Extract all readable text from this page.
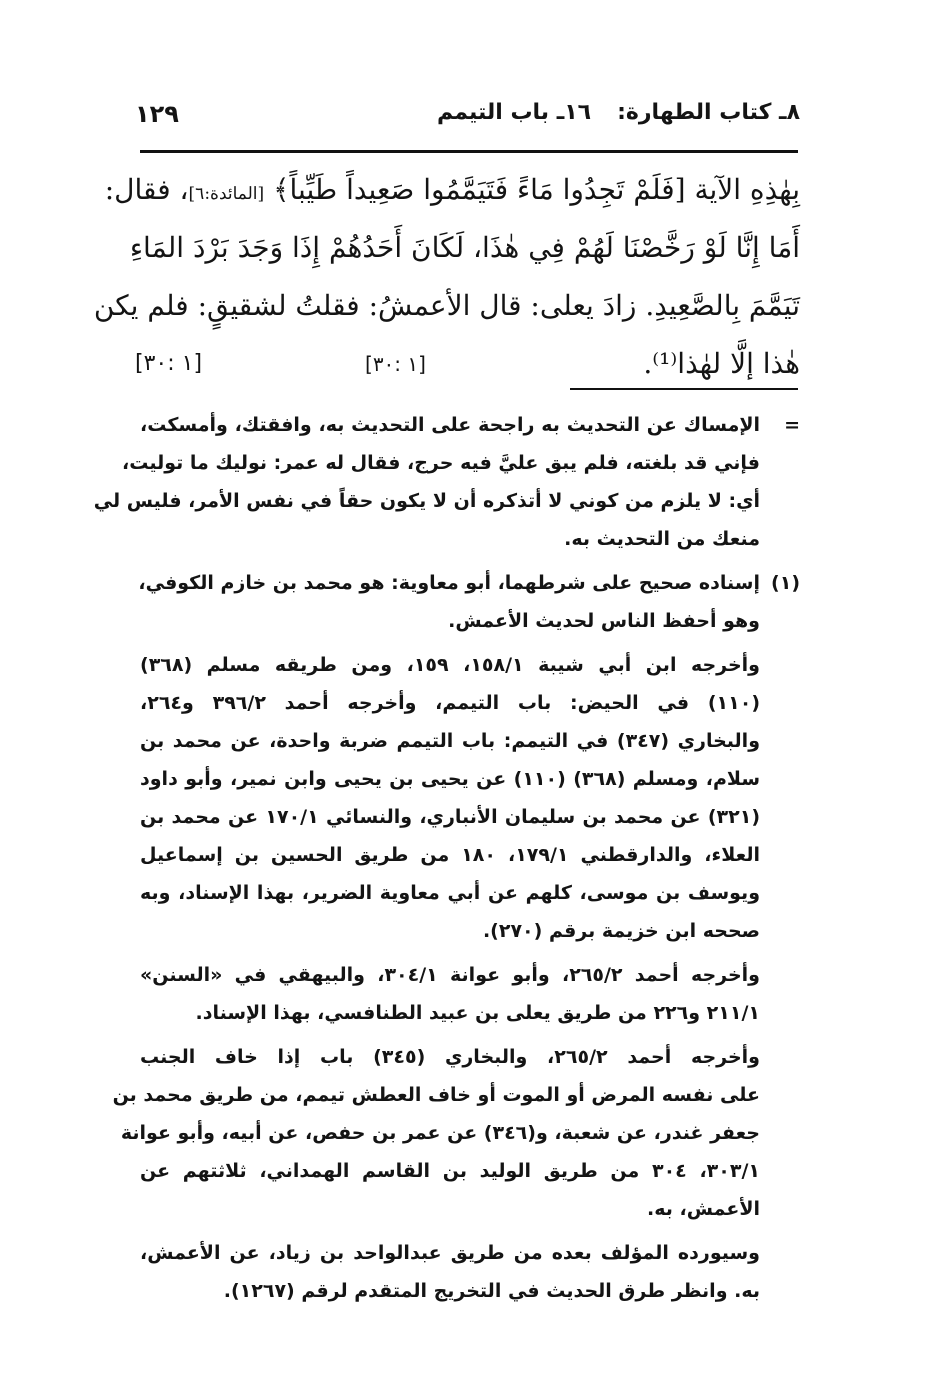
٨ـ كتاب الطهارة:١٦ـ باب التيمم
١٢٩
بِهٰذِهِ الآية [فَلَمْ تَجِدُوا مَاءً فَتَيَمَّمُوا صَعِيداً طَيِّباً﴾ [المائدة:٦]، فقال:
أَمَا إِنَّا لَوْ رَخَّصْنَا لَهُمْ فِي هٰذَا، لَكَانَ أَحَدُهُمْ إِذَا وَجَدَ بَرْدَ المَاءِ
تَيَمَّمَ بِالصَّعِيدِ. زادَ يعلى: قال الأعمشُ: فقلتُ لشقيقٍ: فلم يكن
هٰذا إلَّا لهٰذا⁽¹⁾.
[١ :٣٠]
[١ :٣٠]
=
الإمساك عن التحديث به راجحة على التحديث به، وافقتك، وأمسكت،
فإني قد بلغته، فلم يبق عليَّ فيه حرج، فقال له عمر: نوليك ما توليت،
أي: لا يلزم من كوني لا أتذكره أن لا يكون حقاً في نفس الأمر، فليس لي
منعك من التحديث به.
(١)
إسناده صحيح على شرطهما، أبو معاوية: هو محمد بن خازم الكوفي،
وهو أحفظ الناس لحديث الأعمش.
وأخرجه ابن أبي شيبة ١٥٨/١، ١٥٩، ومن طريقه مسلم (٣٦٨)
(١١٠) في الحيض: باب التيمم، وأخرجه أحمد ٣٩٦/٢ و٢٦٤،
والبخاري (٣٤٧) في التيمم: باب التيمم ضربة واحدة، عن محمد بن
سلام، ومسلم (٣٦٨) (١١٠) عن يحيى بن يحيى وابن نمير، وأبو داود
(٣٢١) عن محمد بن سليمان الأنباري، والنسائي ١٧٠/١ عن محمد بن
العلاء، والدارقطني ١٧٩/١، ١٨٠ من طريق الحسين بن إسماعيل
ويوسف بن موسى، كلهم عن أبي معاوية الضرير، بهذا الإسناد، وبه
صححه ابن خزيمة برقم (٢٧٠).
وأخرجه أحمد ٢٦٥/٢، وأبو عوانة ٣٠٤/١، والبيهقي في «السنن»
٢١١/١ و٢٢٦ من طريق يعلى بن عبيد الطنافسي، بهذا الإسناد.
وأخرجه أحمد ٢٦٥/٢، والبخاري (٣٤٥) باب إذا خاف الجنب
على نفسه المرض أو الموت أو خاف العطش تيمم، من طريق محمد بن
جعفر غندر، عن شعبة، و(٣٤٦) عن عمر بن حفص، عن أبيه، وأبو عوانة
٣٠٣/١، ٣٠٤ من طريق الوليد بن القاسم الهمداني، ثلاثتهم عن
الأعمش، به.
وسيورده المؤلف بعده من طريق عبدالواحد بن زياد، عن الأعمش،
به. وانظر طرق الحديث في التخريج المتقدم لرقم (١٢٦٧).
